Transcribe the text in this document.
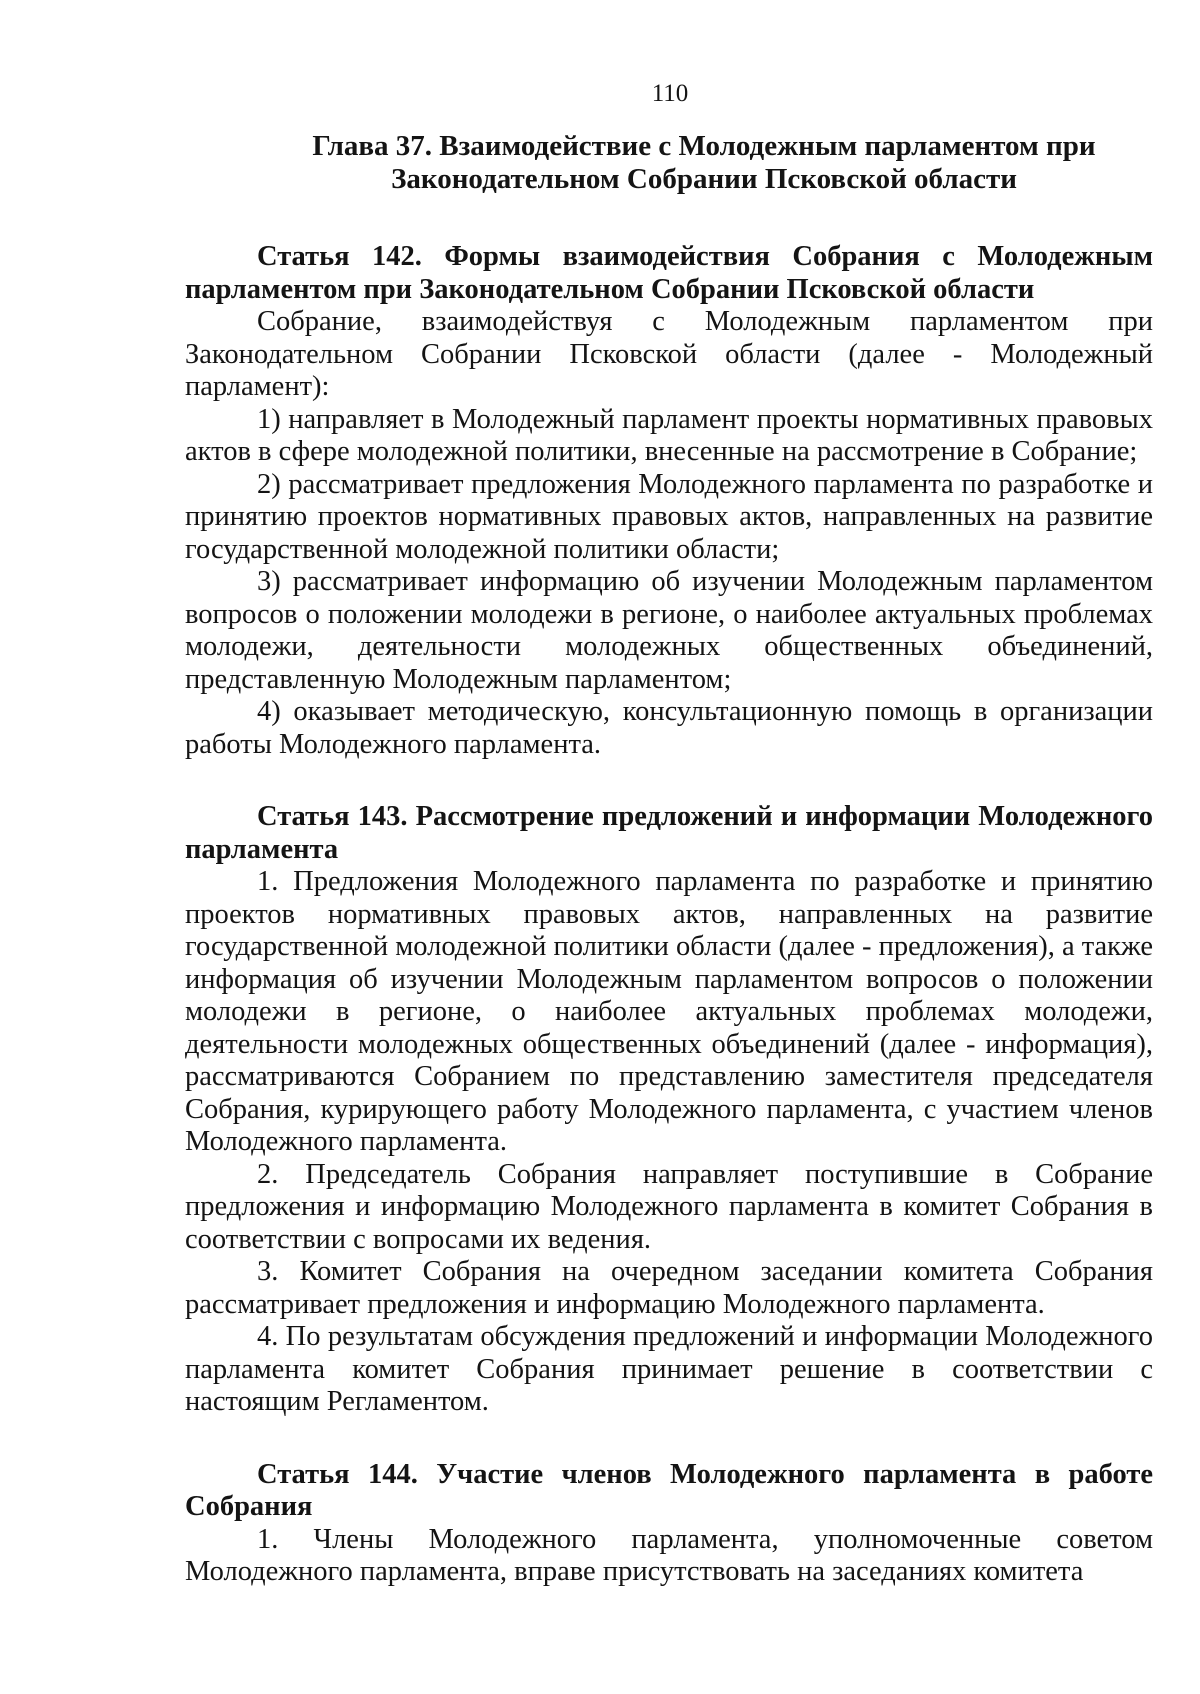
110
Глава 37. Взаимодействие с Молодежным парламентом при
Законодательном Собрании Псковской области
Статья 142. Формы взаимодействия Собрания с Молодежным парламентом при Законодательном Собрании Псковской области

Собрание, взаимодействуя с Молодежным парламентом при Законодательном Собрании Псковской области (далее - Молодежный парламент):

1) направляет в Молодежный парламент проекты нормативных правовых актов в сфере молодежной политики, внесенные на рассмотрение в Собрание;

2) рассматривает предложения Молодежного парламента по разработке и принятию проектов нормативных правовых актов, направленных на развитие государственной молодежной политики области;

3) рассматривает информацию об изучении Молодежным парламентом вопросов о положении молодежи в регионе, о наиболее актуальных проблемах молодежи, деятельности молодежных общественных объединений, представленную Молодежным парламентом;

4) оказывает методическую, консультационную помощь в организации работы Молодежного парламента.

Статья 143. Рассмотрение предложений и информации Молодежного парламента

1. Предложения Молодежного парламента по разработке и принятию проектов нормативных правовых актов, направленных на развитие государственной молодежной политики области (далее - предложения), а также информация об изучении Молодежным парламентом вопросов о положении молодежи в регионе, о наиболее актуальных проблемах молодежи, деятельности молодежных общественных объединений (далее - информация), рассматриваются Собранием по представлению заместителя председателя Собрания, курирующего работу Молодежного парламента, с участием членов Молодежного парламента.

2. Председатель Собрания направляет поступившие в Собрание предложения и информацию Молодежного парламента в комитет Собрания в соответствии с вопросами их ведения.

3. Комитет Собрания на очередном заседании комитета Собрания рассматривает предложения и информацию Молодежного парламента.

4. По результатам обсуждения предложений и информации Молодежного парламента комитет Собрания принимает решение в соответствии с настоящим Регламентом.

Статья 144. Участие членов Молодежного парламента в работе Собрания

1. Члены Молодежного парламента, уполномоченные советом Молодежного парламента, вправе присутствовать на заседаниях комитета
